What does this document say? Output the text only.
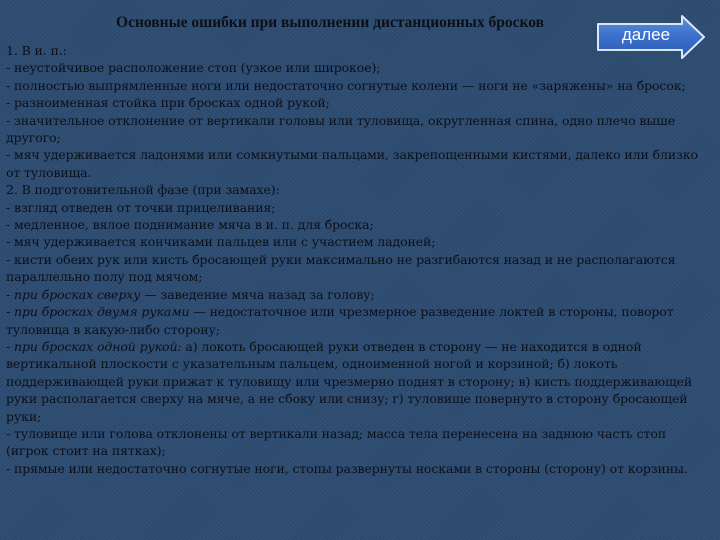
Основные ошибки при выполнении дистанционных бросков
далее

1. В и. п.:

- неустойчивое расположение стоп (узкое или широкое);

- полностью выпрямленные ноги или недостаточно согнутые колени — ноги не «заряжены» на бросок;

- разноименная стойка при бросках одной рукой;

- значительное отклонение от вертикали головы или туловища, округленная спина, одно плечо выше другого;

- мяч удерживается ладонями или сомкнутыми пальцами, закрепощенными кистями, далеко или близко от туловища.

2. В подготовительной фазе (при замахе):

- взгляд отведен от точки прицеливания;

- медленное, вялое поднимание мяча в и. п. для броска;

- мяч удерживается кончиками пальцев или с участием ладоней;

- кисти обеих рук или кисть бросающей руки максимально не разгибаются назад и не располагаются параллельно полу под мячом;

- при бросках сверху — заведение мяча назад за голову;

- при бросках двумя руками — недостаточное или чрезмерное разведение локтей в стороны, поворот туловища в какую-либо сторону;

- при бросках одной рукой: а) локоть бросающей руки отведен в сторону — не находится в одной вертикальной плоскости с указательным пальцем, одноименной ногой и корзиной; б) локоть поддерживающей руки прижат к туловищу или чрезмерно поднят в сторону; в) кисть поддерживающей руки располагается сверху на мяче, а не сбоку или снизу; г) туловище повернуто в сторону бросающей руки;

- туловище или голова отклонены от вертикали назад; масса тела перенесена на заднюю часть стоп (игрок стоит на пятках);

- прямые или недостаточно согнутые ноги, стопы развернуты носками в стороны (сторону) от корзины.
